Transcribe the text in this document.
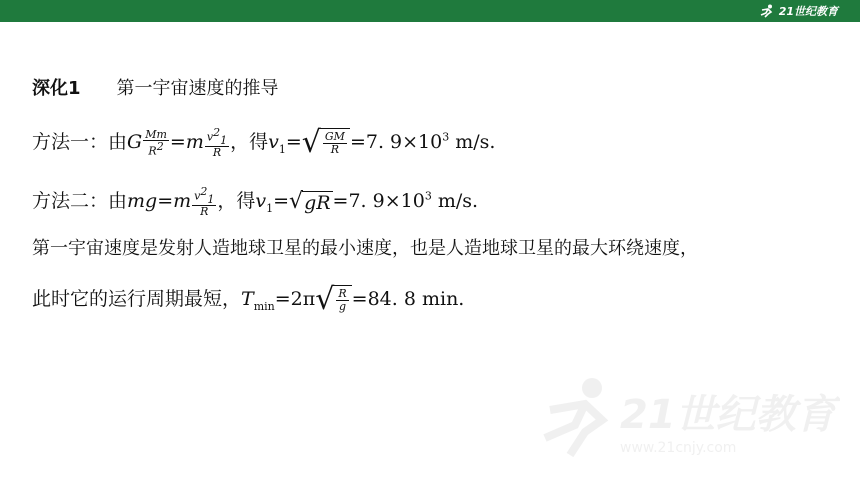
21世纪教育
深化1 第一宇宙速度的推导
方法一：由G $\frac{Mm}{R^2} =m \frac{v^2_1}{R}$ ，得$v_1=$ √ $\frac{GM}{R} =7$. $9\times 10^3$ m/s.
方法二：由$mg=m \frac{v^2_1}{R}$ ，得$v_1=$ √ gR =7. $9\times 10^3$ m/s.
第一宇宙速度是发射人造地球卫星的最小速度，也是人造地球卫星的最大环绕速度，
此时它的运行周期最短，$T_{min}=2\pi$ √ $\frac{R}{g} =84$. 8 min.
21世纪教育
www.21cnjy.com
